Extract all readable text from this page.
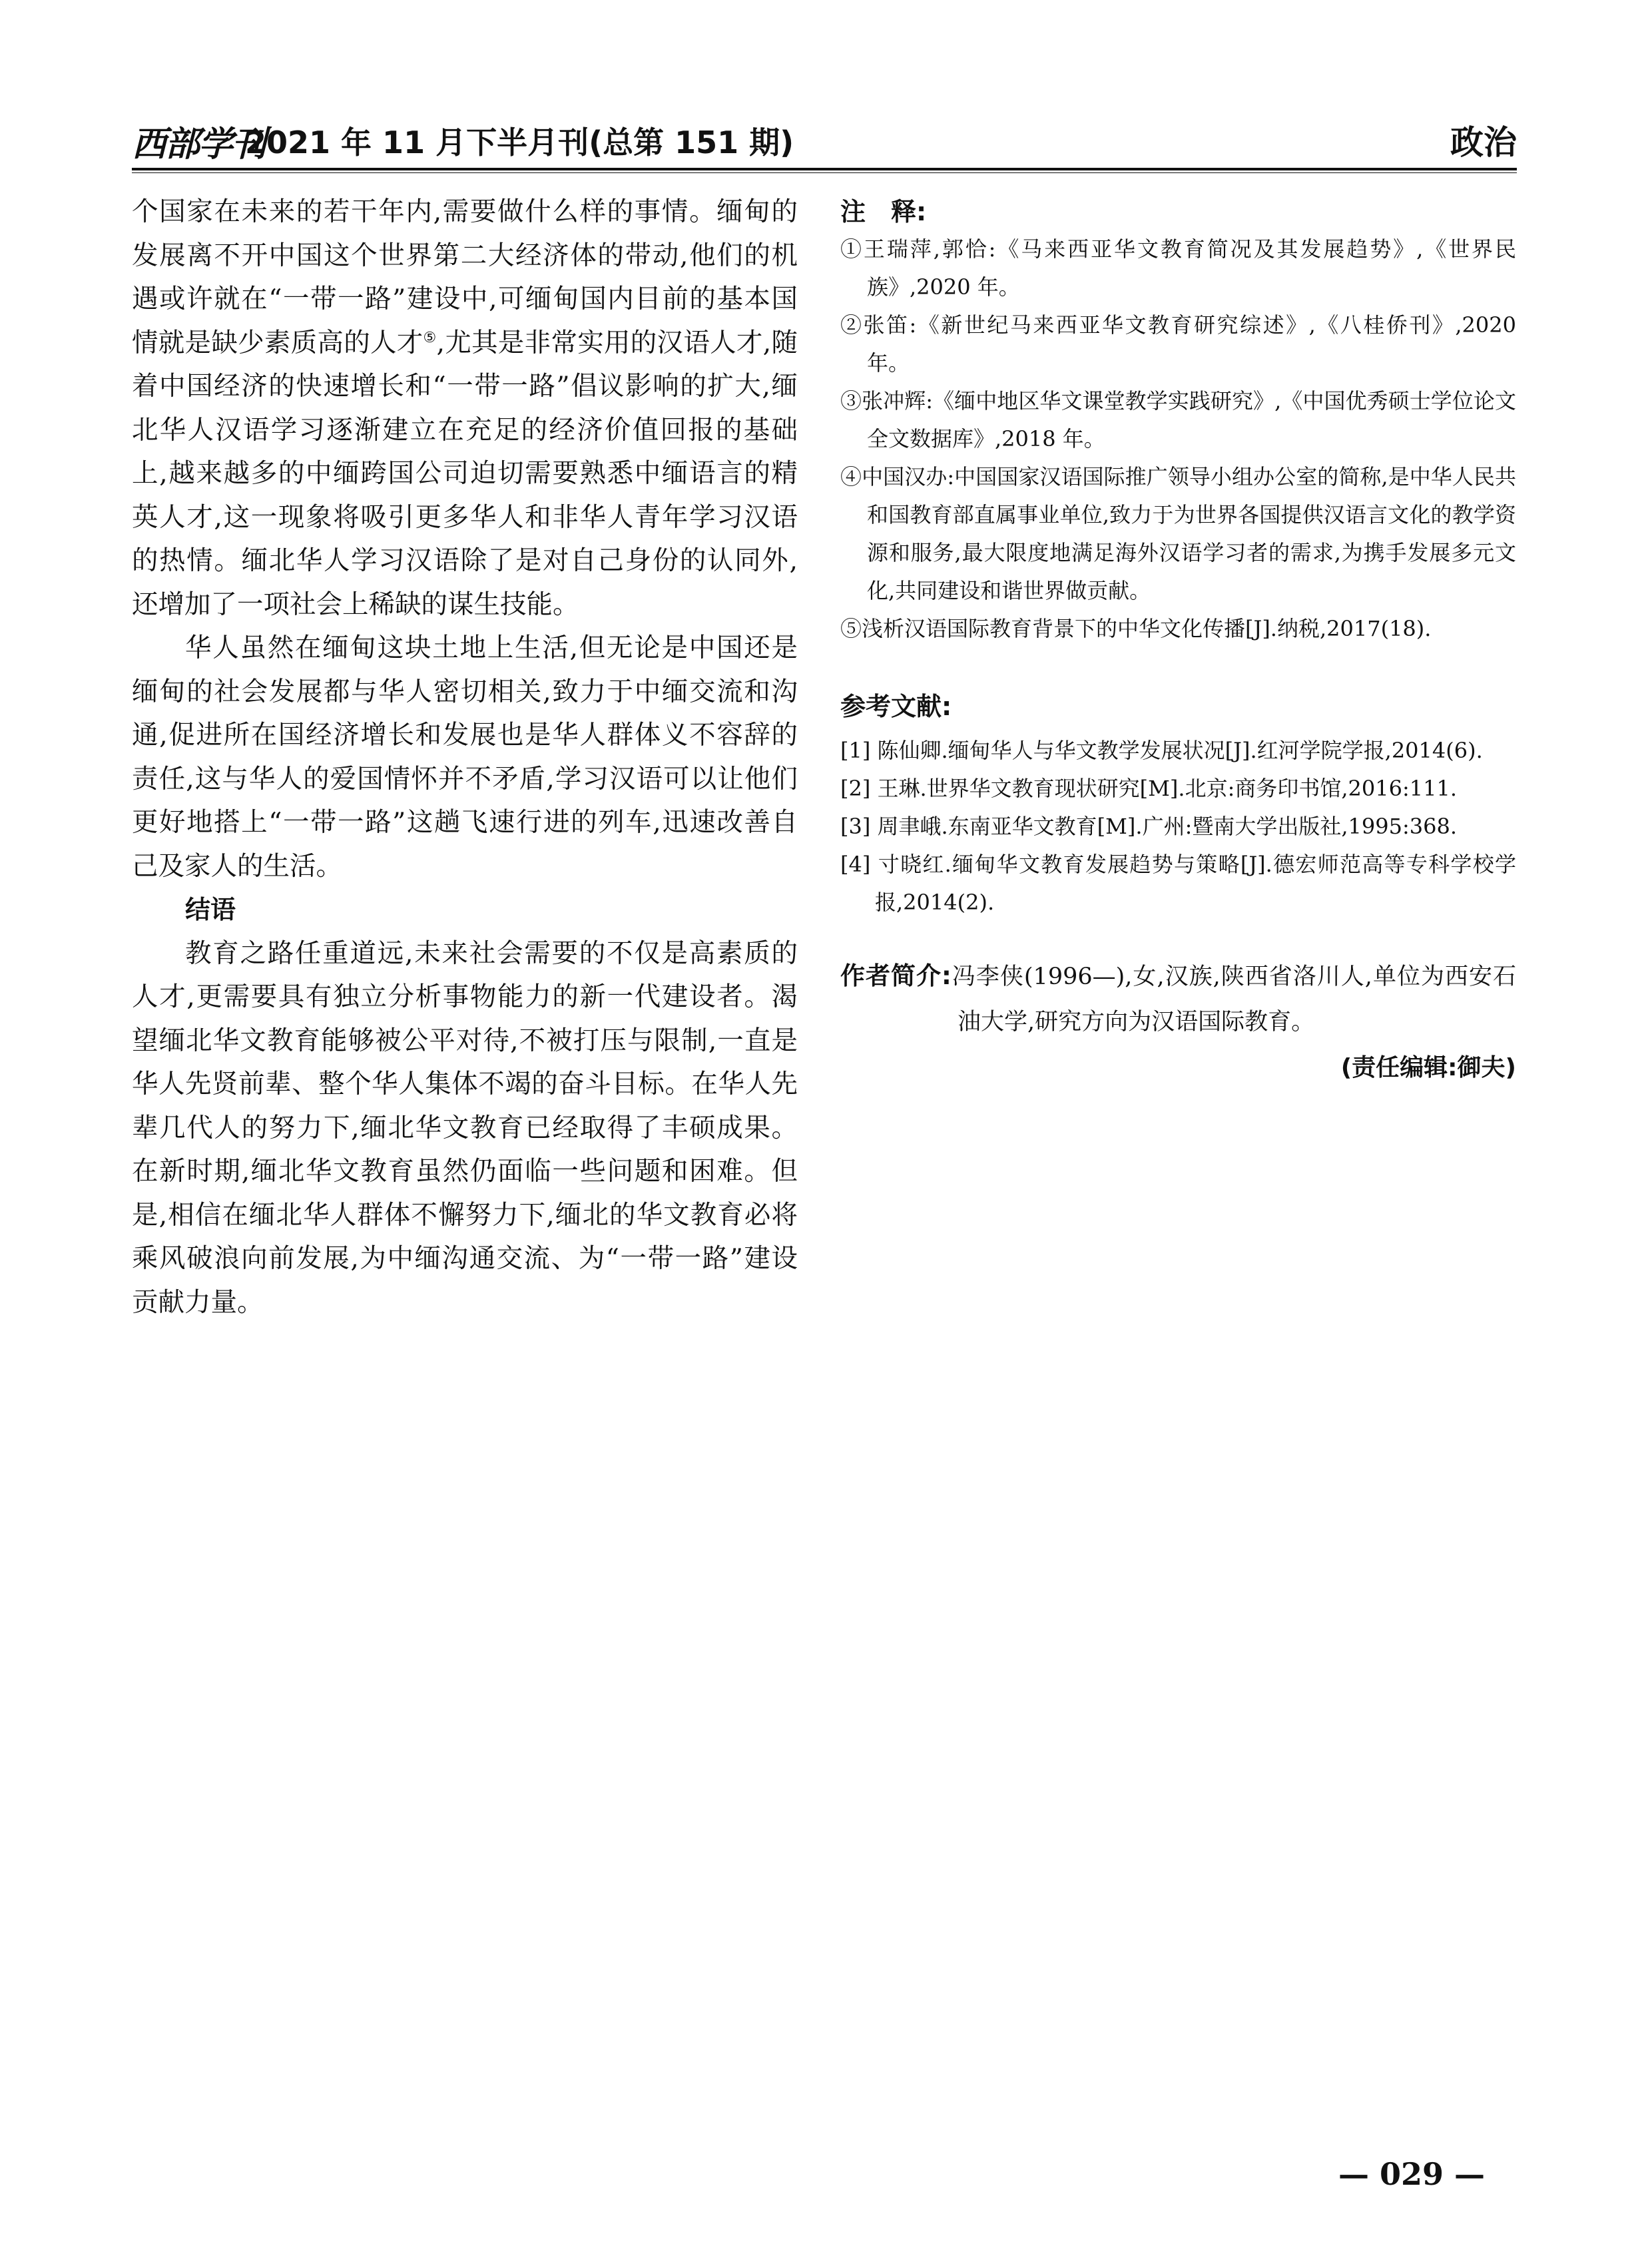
西部学刊
2021 年 11 月下半月刊(总第 151 期)	政治

个国家在未来的若干年内,需要做什么样的事情。缅甸的发展离不开中国这个世界第二大经济体的带动,他们的机遇或许就在“一带一路”建设中,可缅甸国内目前的基本国情就是缺少素质高的人才⑤,尤其是非常实用的汉语人才,随着中国经济的快速增长和“一带一路”倡议影响的扩大,缅北华人汉语学习逐渐建立在充足的经济价值回报的基础上,越来越多的中缅跨国公司迫切需要熟悉中缅语言的精英人才,这一现象将吸引更多华人和非华人青年学习汉语的热情。缅北华人学习汉语除了是对自己身份的认同外,还增加了一项社会上稀缺的谋生技能。

华人虽然在缅甸这块土地上生活,但无论是中国还是缅甸的社会发展都与华人密切相关,致力于中缅交流和沟通,促进所在国经济增长和发展也是华人群体义不容辞的责任,这与华人的爱国情怀并不矛盾,学习汉语可以让他们更好地搭上“一带一路”这趟飞速行进的列车,迅速改善自己及家人的生活。

结语

教育之路任重道远,未来社会需要的不仅是高素质的人才,更需要具有独立分析事物能力的新一代建设者。渴望缅北华文教育能够被公平对待,不被打压与限制,一直是华人先贤前辈、整个华人集体不竭的奋斗目标。在华人先辈几代人的努力下,缅北华文教育已经取得了丰硕成果。在新时期,缅北华文教育虽然仍面临一些问题和困难。但是,相信在缅北华人群体不懈努力下,缅北的华文教育必将乘风破浪向前发展,为中缅沟通交流、为“一带一路”建设贡献力量。

注　释:

①王瑞萍,郭恰:《马来西亚华文教育简况及其发展趋势》,《世界民族》,2020 年。

②张笛:《新世纪马来西亚华文教育研究综述》,《八桂侨刊》,2020 年。

③张冲辉:《缅中地区华文课堂教学实践研究》,《中国优秀硕士学位论文全文数据库》,2018 年。

④中国汉办:中国国家汉语国际推广领导小组办公室的简称,是中华人民共和国教育部直属事业单位,致力于为世界各国提供汉语言文化的教学资源和服务,最大限度地满足海外汉语学习者的需求,为携手发展多元文化,共同建设和谐世界做贡献。

⑤浅析汉语国际教育背景下的中华文化传播[J].纳税,2017(18).

参考文献:

[1] 陈仙卿.缅甸华人与华文教学发展状况[J].红河学院学报,2014(6).

[2] 王琳.世界华文教育现状研究[M].北京:商务印书馆,2016:111.

[3] 周聿峨.东南亚华文教育[M].广州:暨南大学出版社,1995:368.

[4] 寸晓红.缅甸华文教育发展趋势与策略[J].德宏师范高等专科学校学报,2014(2).

作者简介:冯李侠(1996—),女,汉族,陕西省洛川人,单位为西安石油大学,研究方向为汉语国际教育。

(责任编辑:御夫)
— 029 —
